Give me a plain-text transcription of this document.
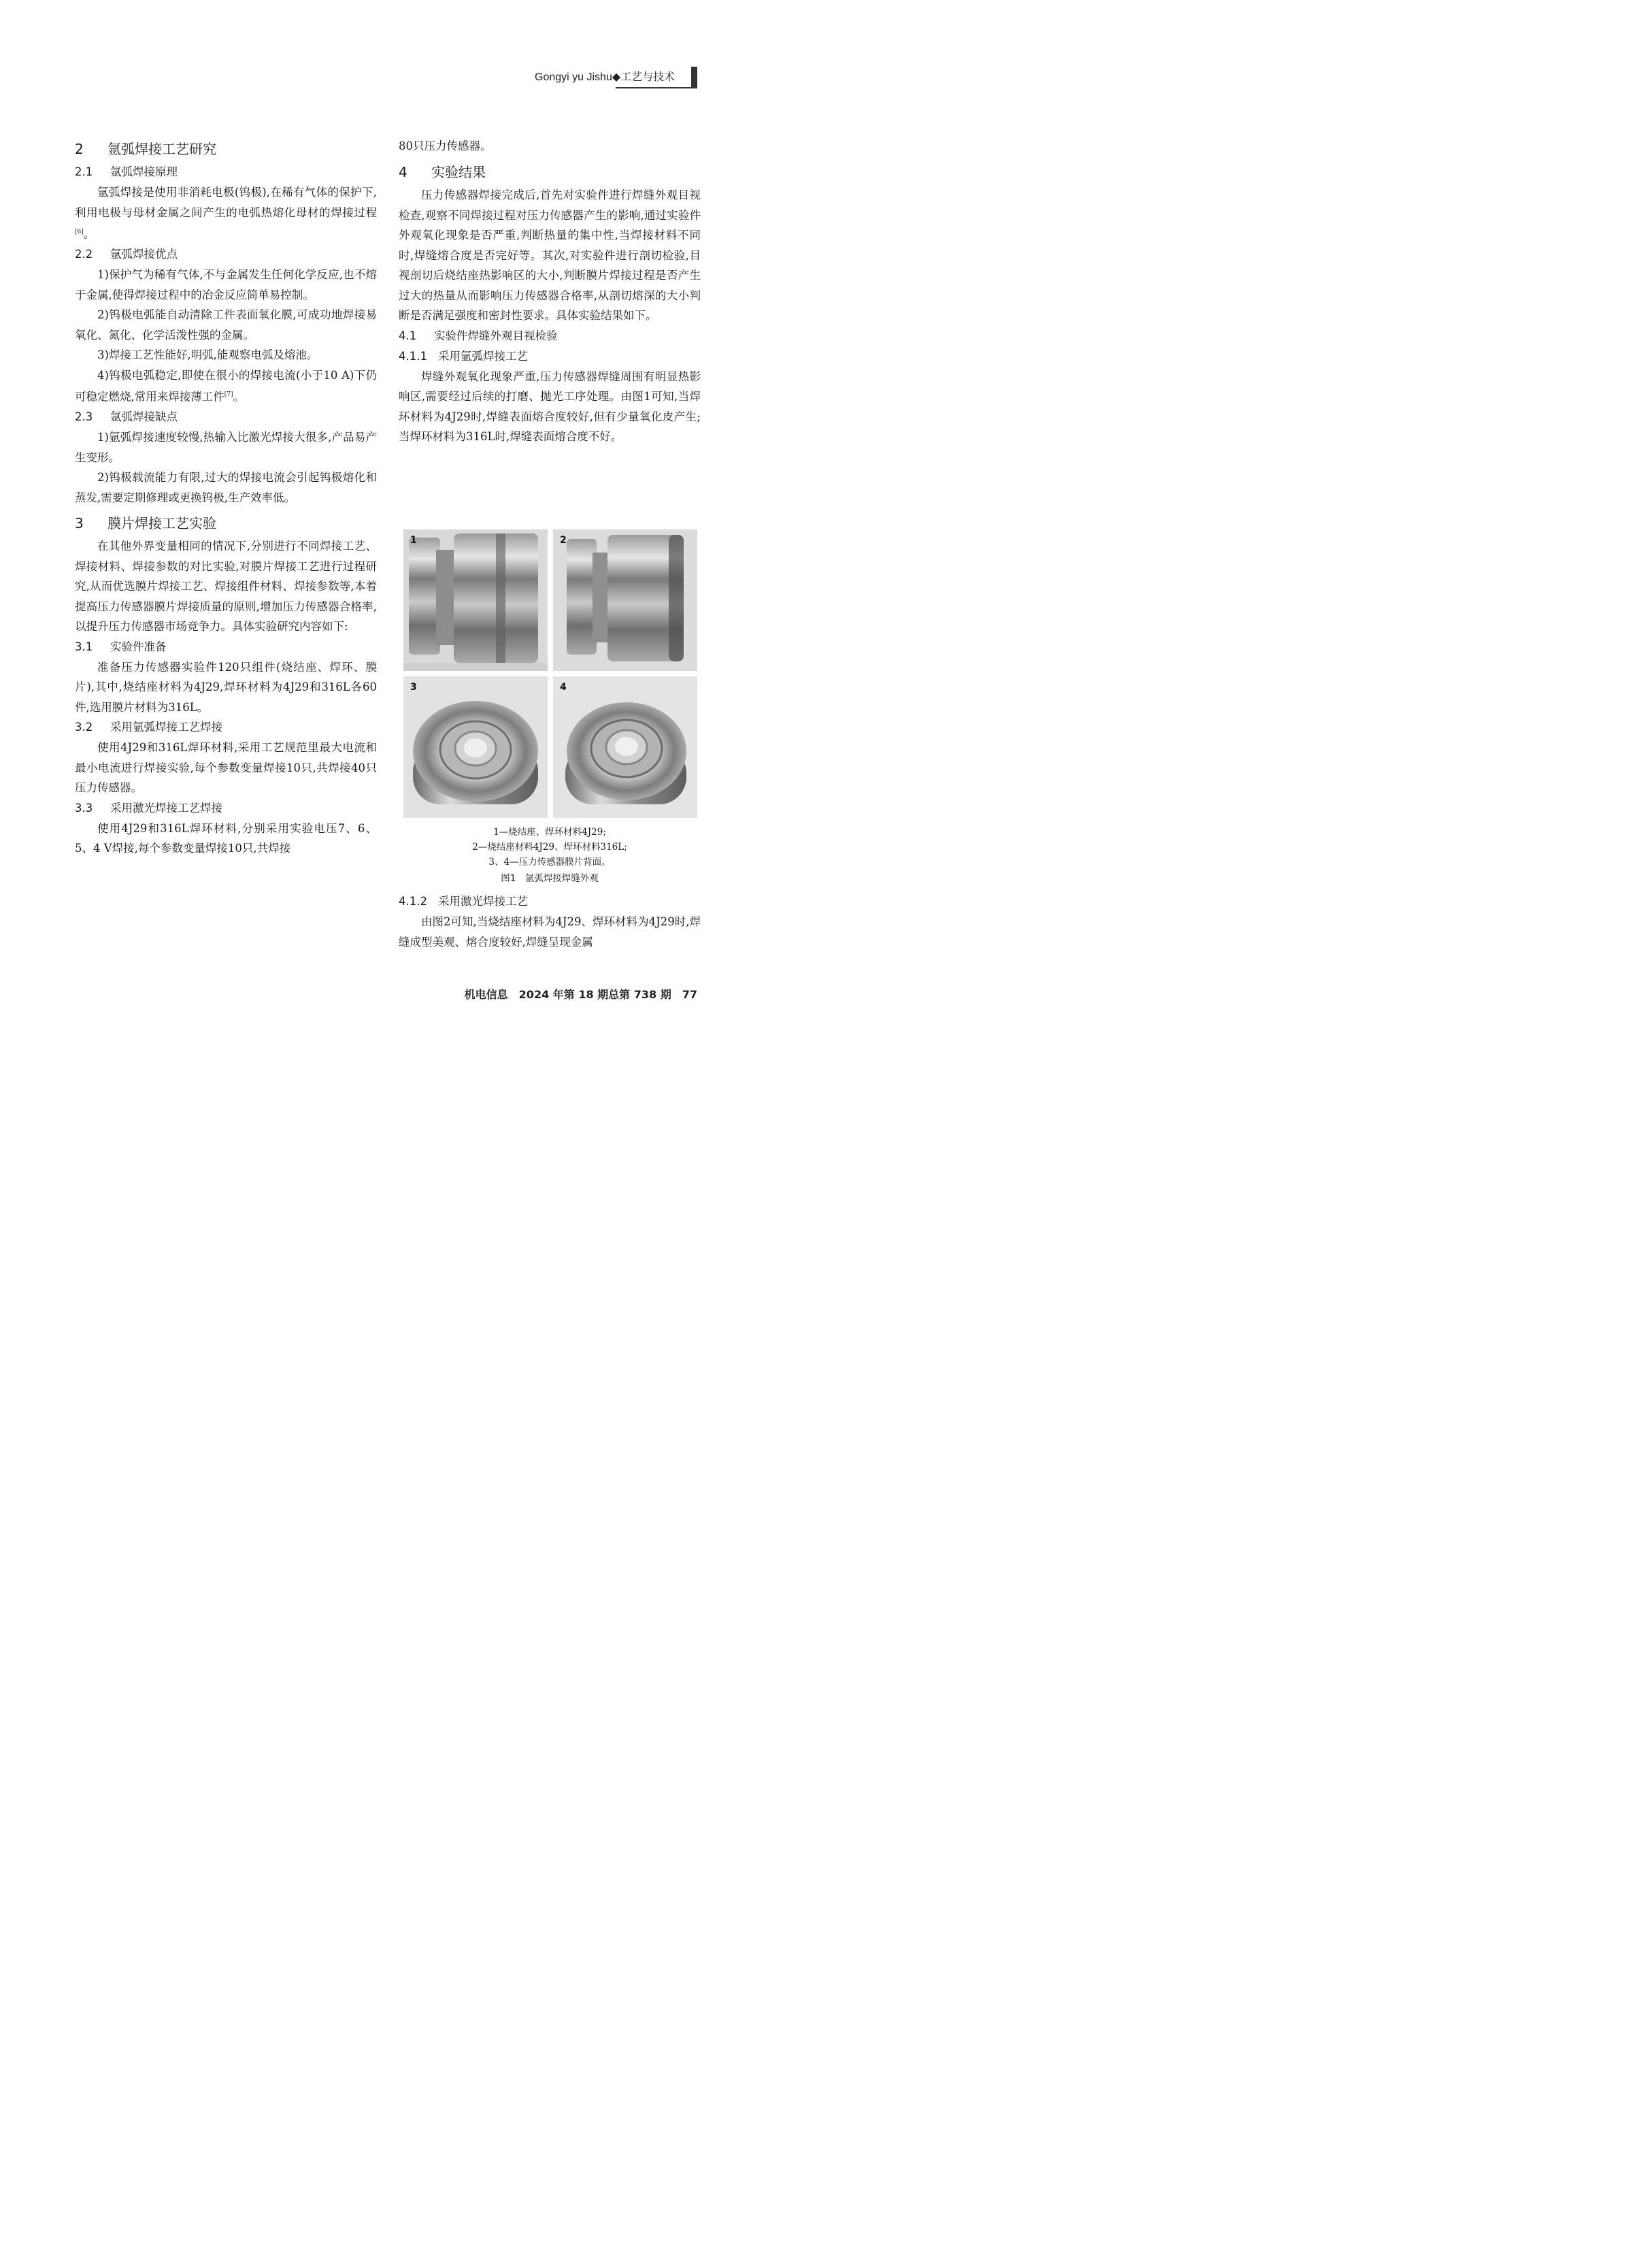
Gongyi yu Jishu◆工艺与技术
2 氩弧焊接工艺研究
2.1 氩弧焊接原理

氩弧焊接是使用非消耗电极(钨极),在稀有气体的保护下,利用电极与母材金属之间产生的电弧热熔化母材的焊接过程[6]。

2.2 氩弧焊接优点

1)保护气为稀有气体,不与金属发生任何化学反应,也不熔于金属,使得焊接过程中的冶金反应简单易控制。

2)钨极电弧能自动清除工件表面氧化膜,可成功地焊接易氧化、氮化、化学活泼性强的金属。

3)焊接工艺性能好,明弧,能观察电弧及熔池。

4)钨极电弧稳定,即使在很小的焊接电流(小于10 A)下仍可稳定燃烧,常用来焊接薄工件[7]。

2.3 氩弧焊接缺点

1)氩弧焊接速度较慢,热输入比激光焊接大很多,产品易产生变形。

2)钨极载流能力有限,过大的焊接电流会引起钨极熔化和蒸发,需要定期修理或更换钨极,生产效率低。

3 膜片焊接工艺实验

在其他外界变量相同的情况下,分别进行不同焊接工艺、焊接材料、焊接参数的对比实验,对膜片焊接工艺进行过程研究,从而优选膜片焊接工艺、焊接组件材料、焊接参数等,本着提高压力传感器膜片焊接质量的原则,增加压力传感器合格率,以提升压力传感器市场竞争力。具体实验研究内容如下:

3.1 实验件准备

准备压力传感器实验件120只组件(烧结座、焊环、膜片),其中,烧结座材料为4J29,焊环材料为4J29和316L各60件,选用膜片材料为316L。

3.2 采用氩弧焊接工艺焊接

使用4J29和316L焊环材料,采用工艺规范里最大电流和最小电流进行焊接实验,每个参数变量焊接10只,共焊接40只压力传感器。

3.3 采用激光焊接工艺焊接

使用4J29和316L焊环材料,分别采用实验电压7、6、5、4 V焊接,每个参数变量焊接10只,共焊接

80只压力传感器。

4 实验结果

压力传感器焊接完成后,首先对实验件进行焊缝外观目视检查,观察不同焊接过程对压力传感器产生的影响,通过实验件外观氧化现象是否严重,判断热量的集中性,当焊接材料不同时,焊缝熔合度是否完好等。其次,对实验件进行剖切检验,目视剖切后烧结座热影响区的大小,判断膜片焊接过程是否产生过大的热量从而影响压力传感器合格率,从剖切熔深的大小判断是否满足强度和密封性要求。具体实验结果如下。

4.1 实验件焊缝外观目视检验
4.1.1 采用氩弧焊接工艺

焊缝外观氧化现象严重,压力传感器焊缝周围有明显热影响区,需要经过后续的打磨、抛光工序处理。由图1可知,当焊环材料为4J29时,焊缝表面熔合度较好,但有少量氧化皮产生;当焊环材料为316L时,焊缝表面熔合度不好。

1	2
3	4
1—烧结座、焊环材料4J29;
2—烧结座材料4J29、焊环材料316L;
3、4—压力传感器膜片背面。
图1　氩弧焊接焊缝外观
4.1.2 采用激光焊接工艺

由图2可知,当烧结座材料为4J29、焊环材料为4J29时,焊缝成型美观、熔合度较好,焊缝呈现金属

机电信息　2024 年第 18 期总第 738 期　77
